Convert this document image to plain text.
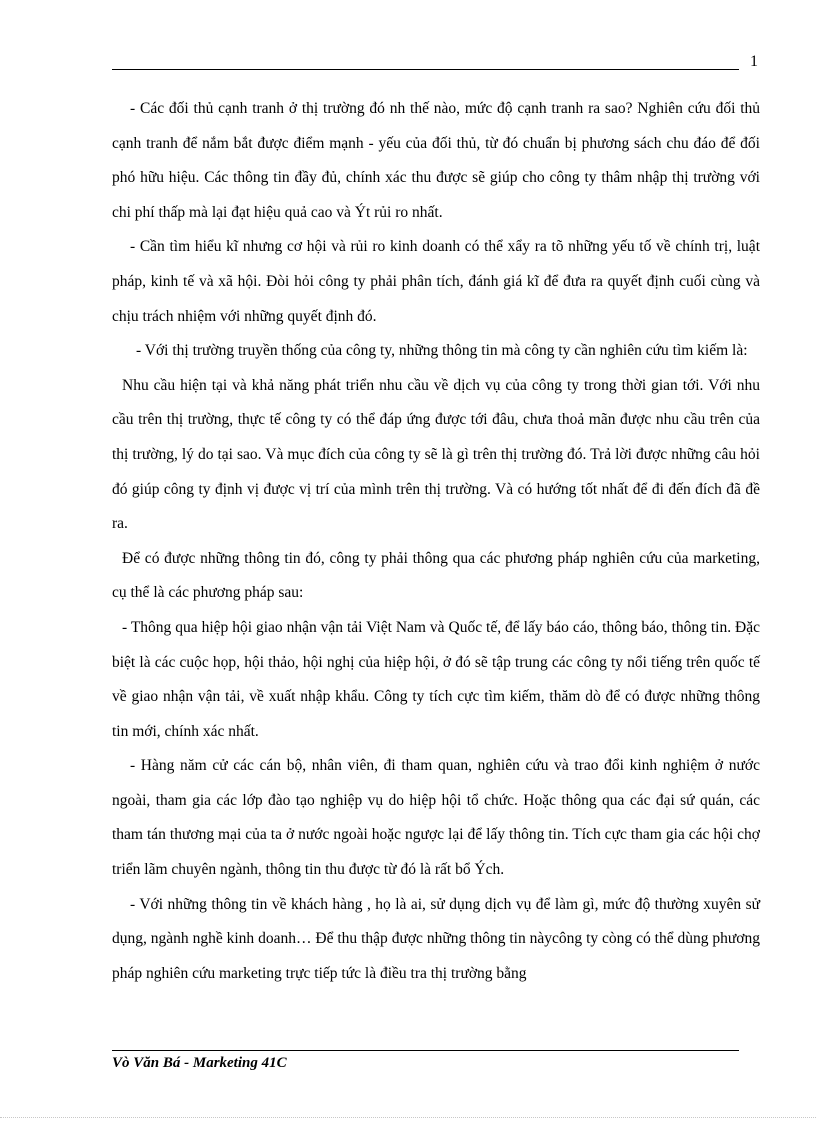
1

- Các đối thủ cạnh tranh ở thị trường đó nh thế nào, mức độ cạnh tranh ra sao? Nghiên cứu đối thủ cạnh tranh để nắm bắt được điểm mạnh - yếu của đối thủ, từ đó chuẩn bị phương sách chu đáo để đối phó hữu hiệu. Các thông tin đầy đủ, chính xác thu được sẽ giúp cho công ty thâm nhập thị trường với chi phí thấp mà lại đạt hiệu quả cao và Ýt rủi ro nhất.

- Cần tìm hiểu kĩ nhưng cơ hội và rủi ro kinh doanh có thể xẩy ra tõ những yếu tố về chính trị, luật pháp, kinh tế và xã hội. Đòi hỏi công ty phải phân tích, đánh giá kĩ để đưa ra quyết định cuối cùng và chịu trách nhiệm với những quyết định đó.

- Với thị trường truyền thống của công ty, những thông tin mà công ty cần nghiên cứu tìm kiếm là:

Nhu cầu hiện tại và khả năng phát triển nhu cầu về dịch vụ của công ty trong thời gian tới. Với nhu cầu trên thị trường, thực tế công ty có thể đáp ứng được tới đâu, chưa thoả mãn được nhu cầu trên của thị trường, lý do tại sao. Và mục đích của công ty sẽ là gì trên thị trường đó. Trả lời được những câu hỏi đó giúp công ty định vị được vị trí của mình trên thị trường. Và có hướng tốt nhất để đi đến đích đã đề ra.

Để có được những thông tin đó, công ty phải thông qua các phương pháp nghiên cứu của marketing, cụ thể là các phương pháp sau:

- Thông qua hiệp hội giao nhận vận tải Việt Nam và Quốc tế, để lấy báo cáo, thông báo, thông tin. Đặc biệt là các cuộc họp, hội thảo, hội nghị của hiệp hội, ở đó sẽ tập trung các công ty nổi tiếng trên quốc tế về giao nhận vận tải, về xuất nhập khẩu. Công ty tích cực tìm kiếm, thăm dò để có được những thông tin mới, chính xác nhất.

- Hàng năm cử các cán bộ, nhân viên, đi tham quan, nghiên cứu và trao đổi kinh nghiệm ở nước ngoài, tham gia các lớp đào tạo nghiệp vụ do hiệp hội tổ chức. Hoặc thông qua các đại sứ quán, các tham tán thương mại của ta ở nước ngoài hoặc ngược lại để lấy thông tin. Tích cực tham gia các hội chợ triển lãm chuyên ngành, thông tin thu được từ đó là rất bổ Ých.

- Với những thông tin về khách hàng , họ là ai, sử dụng dịch vụ để làm gì, mức độ thường xuyên sử dụng, ngành nghề kinh doanh… Để thu thập được những thông tin nàycông ty còng có thể dùng phương pháp nghiên cứu marketing trực tiếp tức là điều tra thị trường bằng

Vò Văn Bá - Marketing 41C
